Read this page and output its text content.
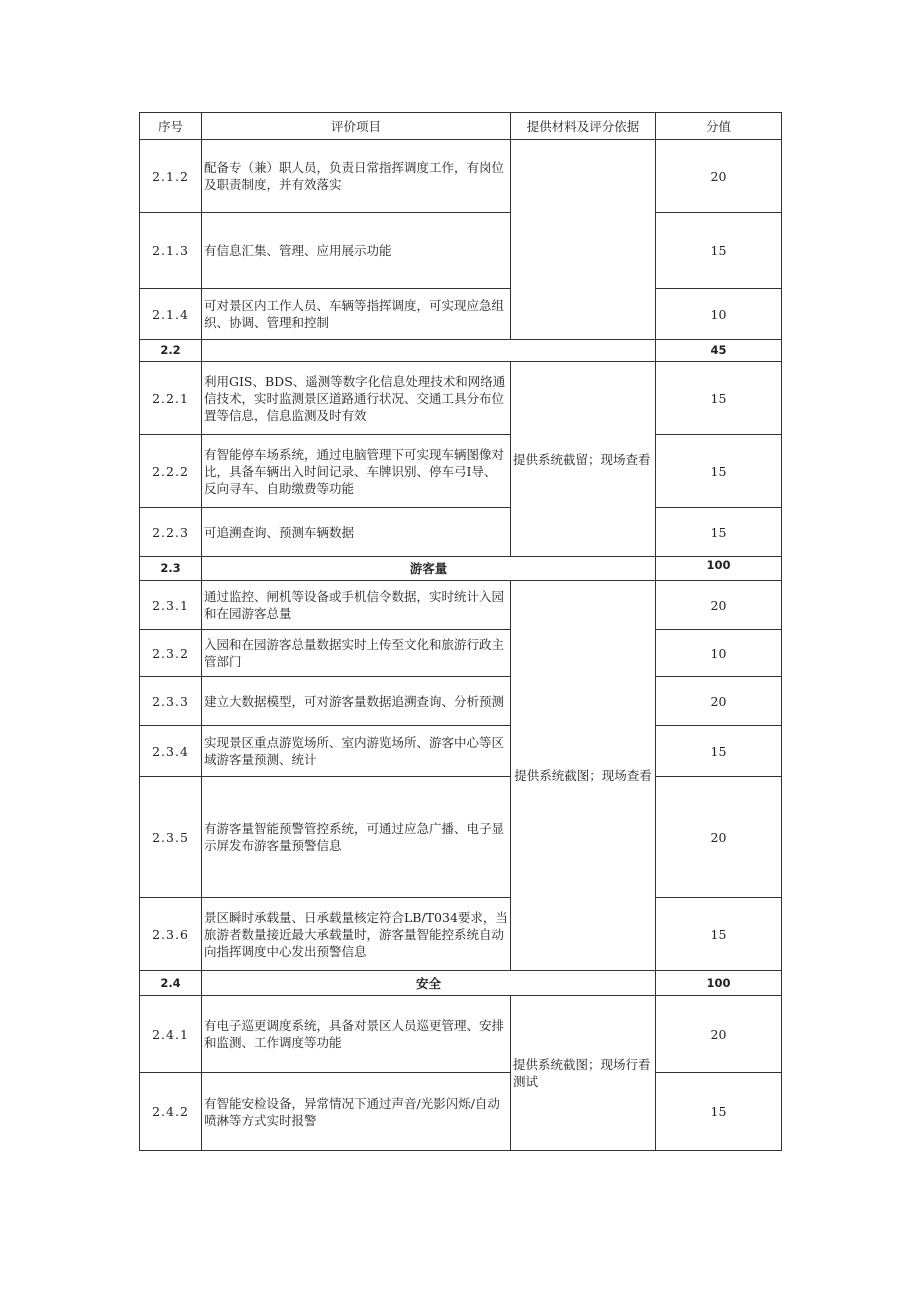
序号	评价项目	提供材料及评分依据	分值
2.1.2	配备专（兼）职人员，负责日常指挥调度工作，有岗位及职责制度，并有效落实		20
2.1.3	有信息汇集、管理、应用展示功能		15
2.1.4	可对景区内工作人员、车辆等指挥调度，可实现应急组织、协调、管理和控制		10
2.2			45
2.2.1	利用GIS、BDS、遥测等数字化信息处理技术和网络通信技术，实时监测景区道路通行状况、交通工具分布位置等信息，信息监测及时有效	提供系统截留；现场查看	15
2.2.2	有智能停车场系统，通过电脑管理下可实现车辆图像对比，具备车辆出入时间记录、车牌识别、停车弓I导、反向寻车、自助缴费等功能		15
2.2.3	可追溯查询、预测车辆数据		15
2.3	游客量		100
2.3.1	通过监控、闸机等设备或手机信令数据，实时统计入园和在园游客总量	提供系统截图；现场查看	20
2.3.2	入园和在园游客总量数据实时上传至文化和旅游行政主管部门		10
2.3.3	建立大数据模型，可对游客量数据追溯查询、分析预测		20
2.3.4	实现景区重点游览场所、室内游览场所、游客中心等区域游客量预测、统计		15
2.3.5	有游客量智能预警管控系统，可通过应急广播、电子显示屏发布游客量预警信息		20
2.3.6	景区瞬时承载量、日承载量核定符合LB/T034要求，当旅游者数量接近最大承载量时，游客量智能控系统自动向指挥调度中心发出预警信息		15
2.4	安全		100
2.4.1	有电子巡更调度系统，具备对景区人员巡更管理、安排和监测、工作调度等功能	提供系统截图；现场行看测试	20
2.4.2	有智能安检设备，异常情况下通过声音/光影闪烁/自动喷淋等方式实时报警		15
